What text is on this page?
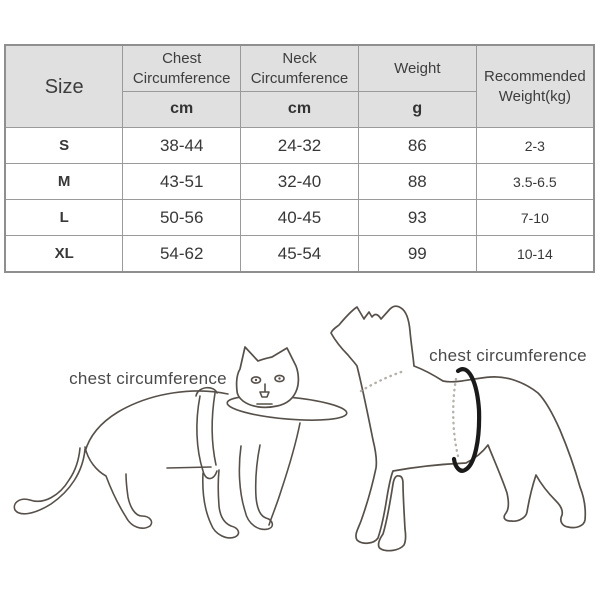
Size	Chest Circumference	Neck Circumference	Weight	Recommended Weight(kg)
	cm	cm	g	
S	38-44	24-32	86	2-3
M	43-51	32-40	88	3.5-6.5
L	50-56	40-45	93	7-10
XL	54-62	45-54	99	10-14
chest circumference
chest circumference
